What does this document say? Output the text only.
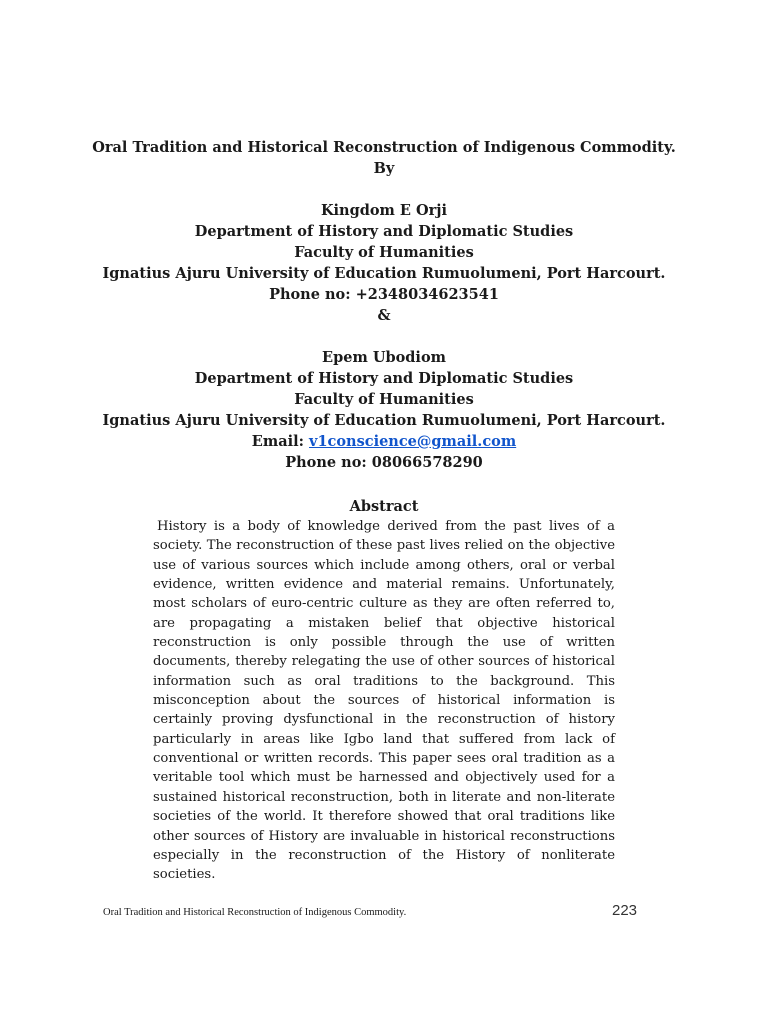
Oral Tradition and Historical Reconstruction of Indigenous Commodity.
By
Kingdom E Orji
Department of History and Diplomatic Studies
Faculty of Humanities
Ignatius Ajuru University of Education Rumuolumeni, Port Harcourt.
Phone no: +2348034623541
&
Epem Ubodiom
Department of History and Diplomatic Studies
Faculty of Humanities
Ignatius Ajuru University of Education Rumuolumeni, Port Harcourt.
Email: v1conscience@gmail.com
Phone no: 08066578290
Abstract
History is a body of knowledge derived from the past lives of a society. The reconstruction of these past lives relied on the objective use of various sources which include among others, oral or verbal evidence, written evidence and material remains. Unfortunately, most scholars of euro-centric culture as they are often referred to, are propagating a mistaken belief that objective historical reconstruction is only possible through the use of written documents, thereby relegating the use of other sources of historical information such as oral traditions to the background. This misconception about the sources of historical information is certainly proving dysfunctional in the reconstruction of history particularly in areas like Igbo land that suffered from lack of conventional or written records. This paper sees oral tradition as a veritable tool which must be harnessed and objectively used for a sustained historical reconstruction, both in literate and non-literate societies of the world. It therefore showed that oral traditions like other sources of History are invaluable in historical reconstructions especially in the reconstruction of the History of nonliterate societies.
Oral Tradition and Historical Reconstruction of Indigenous Commodity.	223
